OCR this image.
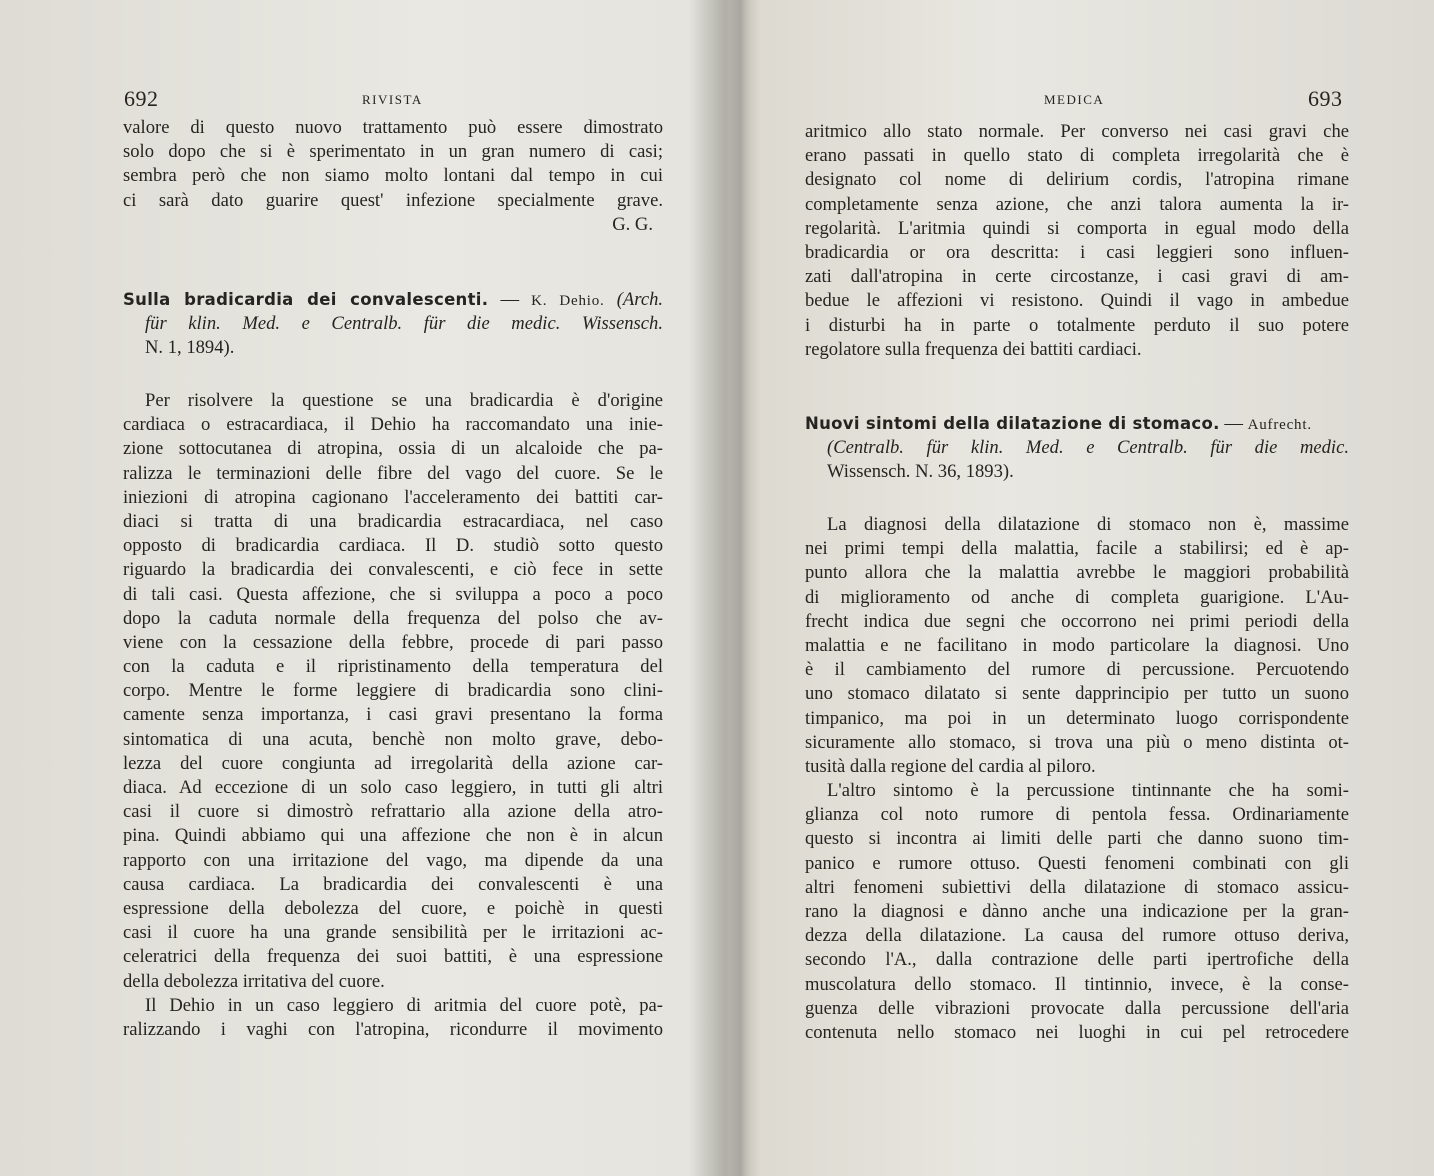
692	RIVISTA
valore di questo nuovo trattamento può essere dimostrato
solo dopo che si è sperimentato in un gran numero di casi;
sembra però che non siamo molto lontani dal tempo in cui
ci sarà dato guarire quest' infezione specialmente grave.
G. G.
Sulla bradicardia dei convalescenti. — K. Dehio. (Arch.
für klin. Med. e Centralb. für die medic. Wissensch.
N. 1, 1894).
Per risolvere la questione se una bradicardia è d'origine
cardiaca o estracardiaca, il Dehio ha raccomandato una inie-
zione sottocutanea di atropina, ossia di un alcaloide che pa-
ralizza le terminazioni delle fibre del vago del cuore. Se le
iniezioni di atropina cagionano l'acceleramento dei battiti car-
diaci si tratta di una bradicardia estracardiaca, nel caso
opposto di bradicardia cardiaca. Il D. studiò sotto questo
riguardo la bradicardia dei convalescenti, e ciò fece in sette
di tali casi. Questa affezione, che si sviluppa a poco a poco
dopo la caduta normale della frequenza del polso che av-
viene con la cessazione della febbre, procede di pari passo
con la caduta e il ripristinamento della temperatura del
corpo. Mentre le forme leggiere di bradicardia sono clini-
camente senza importanza, i casi gravi presentano la forma
sintomatica di una acuta, benchè non molto grave, debo-
lezza del cuore congiunta ad irregolarità della azione car-
diaca. Ad eccezione di un solo caso leggiero, in tutti gli altri
casi il cuore si dimostrò refrattario alla azione della atro-
pina. Quindi abbiamo qui una affezione che non è in alcun
rapporto con una irritazione del vago, ma dipende da una
causa cardiaca. La bradicardia dei convalescenti è una
espressione della debolezza del cuore, e poichè in questi
casi il cuore ha una grande sensibilità per le irritazioni ac-
celeratrici della frequenza dei suoi battiti, è una espressione
della debolezza irritativa del cuore.
Il Dehio in un caso leggiero di aritmia del cuore potè, pa-
ralizzando i vaghi con l'atropina, ricondurre il movimento
MEDICA	693
aritmico allo stato normale. Per converso nei casi gravi che
erano passati in quello stato di completa irregolarità che è
designato col nome di delirium cordis, l'atropina rimane
completamente senza azione, che anzi talora aumenta la ir-
regolarità. L'aritmia quindi si comporta in egual modo della
bradicardia or ora descritta: i casi leggieri sono influen-
zati dall'atropina in certe circostanze, i casi gravi di am-
bedue le affezioni vi resistono. Quindi il vago in ambedue
i disturbi ha in parte o totalmente perduto il suo potere
regolatore sulla frequenza dei battiti cardiaci.
Nuovi sintomi della dilatazione di stomaco. — Aufrecht.
(Centralb. für klin. Med. e Centralb. für die medic.
Wissensch. N. 36, 1893).
La diagnosi della dilatazione di stomaco non è, massime
nei primi tempi della malattia, facile a stabilirsi; ed è ap-
punto allora che la malattia avrebbe le maggiori probabilità
di miglioramento od anche di completa guarigione. L'Au-
frecht indica due segni che occorrono nei primi periodi della
malattia e ne facilitano in modo particolare la diagnosi. Uno
è il cambiamento del rumore di percussione. Percuotendo
uno stomaco dilatato si sente dapprincipio per tutto un suono
timpanico, ma poi in un determinato luogo corrispondente
sicuramente allo stomaco, si trova una più o meno distinta ot-
tusità dalla regione del cardia al piloro.
L'altro sintomo è la percussione tintinnante che ha somi-
glianza col noto rumore di pentola fessa. Ordinariamente
questo si incontra ai limiti delle parti che danno suono tim-
panico e rumore ottuso. Questi fenomeni combinati con gli
altri fenomeni subiettivi della dilatazione di stomaco assicu-
rano la diagnosi e dànno anche una indicazione per la gran-
dezza della dilatazione. La causa del rumore ottuso deriva,
secondo l'A., dalla contrazione delle parti ipertrofiche della
muscolatura dello stomaco. Il tintinnio, invece, è la conse-
guenza delle vibrazioni provocate dalla percussione dell'aria
contenuta nello stomaco nei luoghi in cui pel retrocedere
